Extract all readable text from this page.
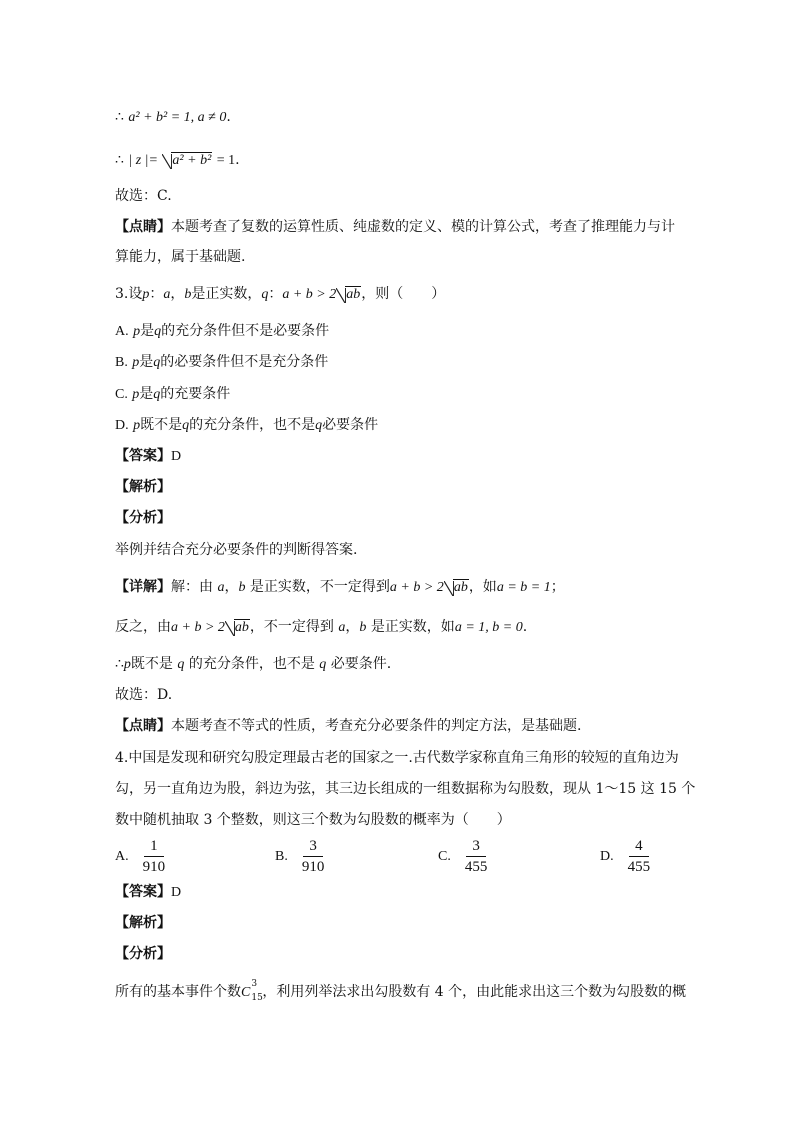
∴ a² + b² = 1, a ≠ 0.
∴ | z |= a² + b² = 1.
故选：C.
【点睛】本题考查了复数的运算性质、纯虚数的定义、模的计算公式，考查了推理能力与计
算能力，属于基础题.
3.设p：a，b是正实数，q：a + b > 2 ab，则（　　）
A. p是q的充分条件但不是必要条件
B. p是q的必要条件但不是充分条件
C. p是q的充要条件
D. p既不是q的充分条件，也不是q必要条件
【答案】D
【解析】
【分析】
举例并结合充分必要条件的判断得答案.
【详解】解：由 a，b 是正实数，不一定得到a + b > 2 ab，如a = b = 1；
反之，由a + b > 2 ab，不一定得到 a，b 是正实数，如a = 1, b = 0.
∴p既不是 q 的充分条件，也不是 q 必要条件.
故选：D.
【点睛】本题考查不等式的性质，考查充分必要条件的判定方法，是基础题.
4.中国是发现和研究勾股定理最古老的国家之一.古代数学家称直角三角形的较短的直角边为
勾，另一直角边为股，斜边为弦，其三边长组成的一组数据称为勾股数，现从 1～15 这 15 个
数中随机抽取 3 个整数，则这三个数为勾股数的概率为（　　）
A. $\frac{1}{910}$	B. $\frac{3}{910}$	C. $\frac{3}{455}$	D. $\frac{4}{455}$
【答案】D
【解析】
【分析】
所有的基本事件个数C
3
15 ，利用列举法求出勾股数有 4 个，由此能求出这三个数为勾股数的概
